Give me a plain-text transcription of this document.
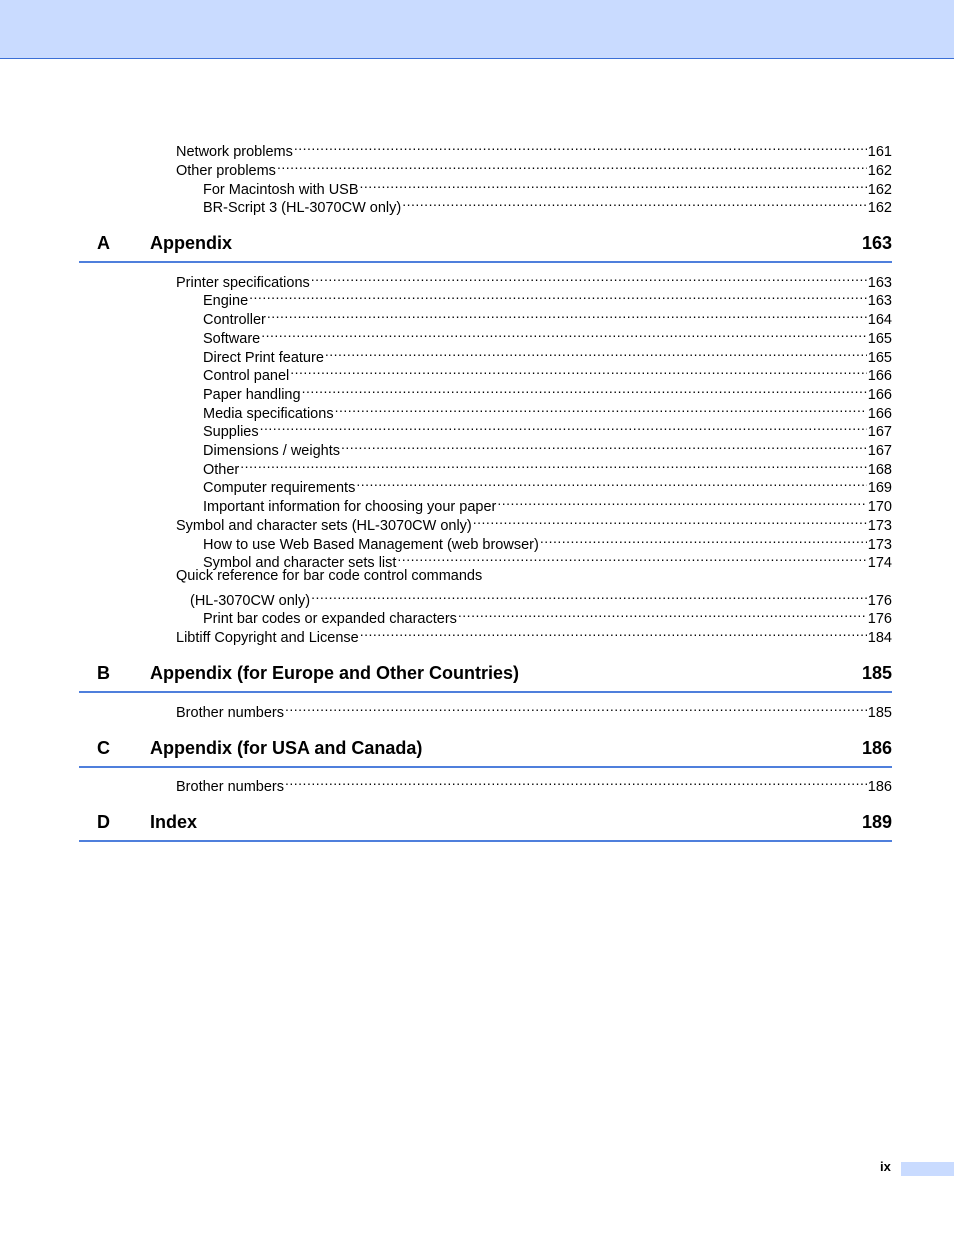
Network problems .....	161
Other problems .....	162
For Macintosh with USB .....	162
BR-Script 3 (HL-3070CW only) .....	162
A Appendix	163
Printer specifications .....	163
Engine .....	163
Controller .....	164
Software .....	165
Direct Print feature .....	165
Control panel .....	166
Paper handling .....	166
Media specifications .....	166
Supplies .....	167
Dimensions / weights .....	167
Other .....	168
Computer requirements .....	169
Important information for choosing your paper .....	170
Symbol and character sets (HL-3070CW only) .....	173
How to use Web Based Management (web browser) .....	173
Symbol and character sets list .....	174
Quick reference for bar code control commands
(HL-3070CW only) .....	176
Print bar codes or expanded characters .....	176
Libtiff Copyright and License .....	184
B Appendix (for Europe and Other Countries)	185
Brother numbers .....	185
C Appendix (for USA and Canada)	186
Brother numbers .....	186
D Index	189
ix
